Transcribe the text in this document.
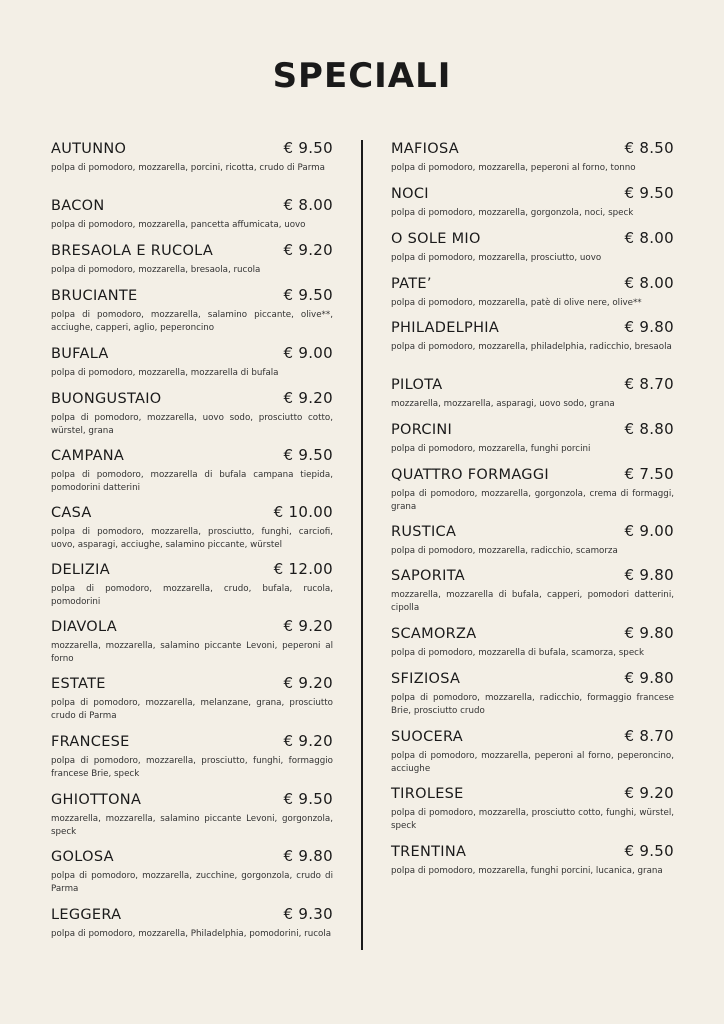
SPECIALI
AUTUNNO	€ 9.50
polpa di pomodoro, mozzarella, porcini, ricotta, crudo di Parma
BACON	€ 8.00
polpa di pomodoro, mozzarella, pancetta affumicata, uovo
BRESAOLA E RUCOLA	€ 9.20
polpa di pomodoro, mozzarella, bresaola, rucola
BRUCIANTE	€ 9.50
polpa di pomodoro, mozzarella, salamino piccante, olive**, acciughe, capperi, aglio, peperoncino
BUFALA	€ 9.00
polpa di pomodoro, mozzarella, mozzarella di bufala
BUONGUSTAIO	€ 9.20
polpa di pomodoro, mozzarella, uovo sodo, prosciutto cotto, würstel, grana
CAMPANA	€ 9.50
polpa di pomodoro, mozzarella di bufala campana tiepida, pomodorini datterini
CASA	€ 10.00
polpa di pomodoro, mozzarella, prosciutto, funghi, carciofi, uovo, asparagi, acciughe, salamino piccante, würstel
DELIZIA	€ 12.00
polpa di pomodoro, mozzarella, crudo, bufala, rucola, pomodorini
DIAVOLA	€ 9.20
mozzarella, mozzarella, salamino piccante Levoni, peperoni al forno
ESTATE	€ 9.20
polpa di pomodoro, mozzarella, melanzane, grana, prosciutto crudo di Parma
FRANCESE	€ 9.20
polpa di pomodoro, mozzarella, prosciutto, funghi, formaggio francese Brie, speck
GHIOTTONA	€ 9.50
mozzarella, mozzarella, salamino piccante Levoni, gorgonzola, speck
GOLOSA	€ 9.80
polpa di pomodoro, mozzarella, zucchine, gorgonzola, crudo di Parma
LEGGERA	€ 9.30
polpa di pomodoro, mozzarella, Philadelphia, pomodorini, rucola
MAFIOSA	€ 8.50
polpa di pomodoro, mozzarella, peperoni al forno, tonno
NOCI	€ 9.50
polpa di pomodoro, mozzarella, gorgonzola, noci, speck
O SOLE MIO	€ 8.00
polpa di pomodoro, mozzarella, prosciutto, uovo
PATE’	€ 8.00
polpa di pomodoro, mozzarella, patè di olive nere, olive**
PHILADELPHIA	€ 9.80
polpa di pomodoro, mozzarella, philadelphia, radicchio, bresaola
PILOTA	€ 8.70
mozzarella, mozzarella, asparagi, uovo sodo, grana
PORCINI	€ 8.80
polpa di pomodoro, mozzarella, funghi porcini
QUATTRO FORMAGGI	€ 7.50
polpa di pomodoro, mozzarella, gorgonzola, crema di formaggi, grana
RUSTICA	€ 9.00
polpa di pomodoro, mozzarella, radicchio, scamorza
SAPORITA	€ 9.80
mozzarella, mozzarella di bufala, capperi, pomodori datterini, cipolla
SCAMORZA	€ 9.80
polpa di pomodoro, mozzarella di bufala, scamorza, speck
SFIZIOSA	€ 9.80
polpa di pomodoro, mozzarella, radicchio, formaggio francese Brie, prosciutto crudo
SUOCERA	€ 8.70
polpa di pomodoro, mozzarella, peperoni al forno, peperoncino, acciughe
TIROLESE	€ 9.20
polpa di pomodoro, mozzarella, prosciutto cotto, funghi, würstel, speck
TRENTINA	€ 9.50
polpa di pomodoro, mozzarella, funghi porcini, lucanica, grana
